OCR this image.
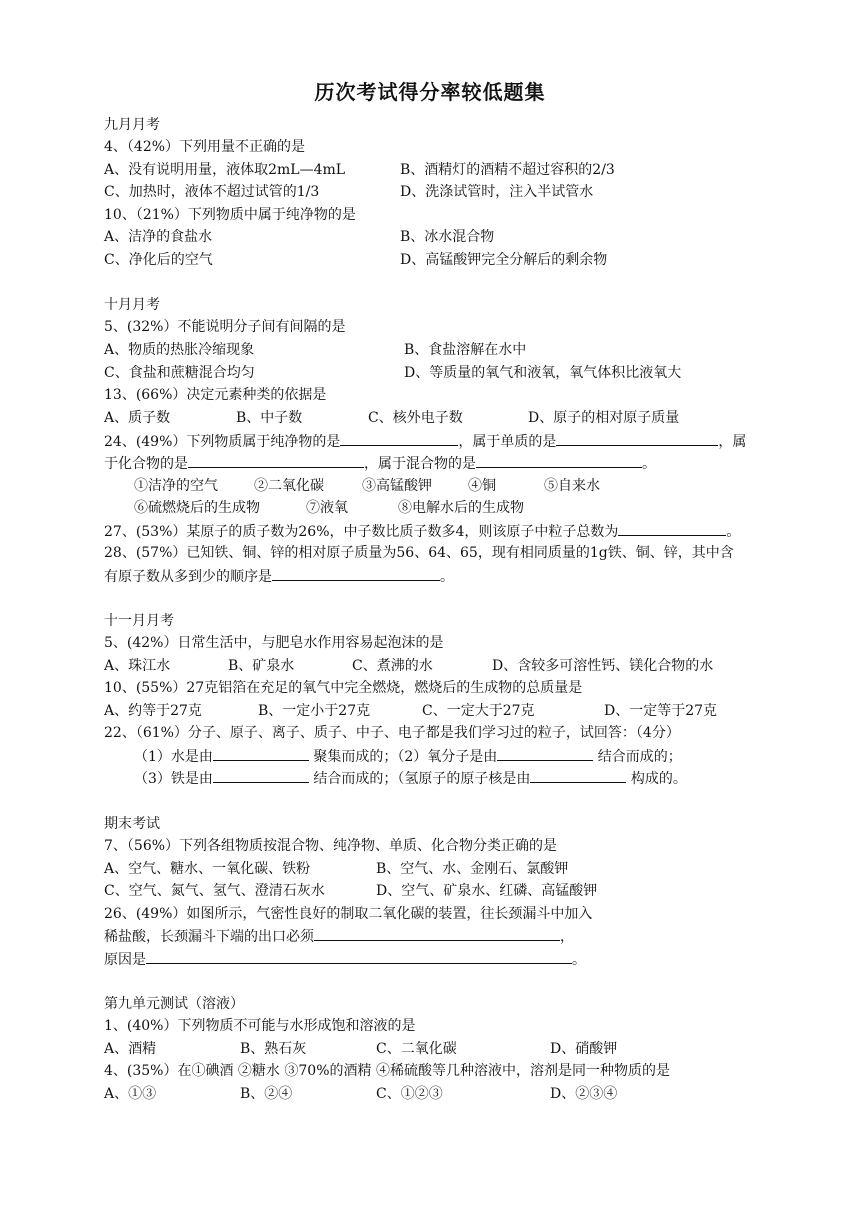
历次考试得分率较低题集
九月月考
4、（42%）下列用量不正确的是
A、没有说明用量，液体取2mL—4mL	B、酒精灯的酒精不超过容积的2/3
C、加热时，液体不超过试管的1/3	D、洗涤试管时，注入半试管水
10、（21%）下列物质中属于纯净物的是
A、洁净的食盐水	B、冰水混合物
C、净化后的空气	D、高锰酸钾完全分解后的剩余物
十月月考
5、(32%）不能说明分子间有间隔的是
A、物质的热胀冷缩现象	B、食盐溶解在水中
C、食盐和蔗糖混合均匀	D、等质量的氧气和液氧，氧气体积比液氧大
13、(66%）决定元素种类的依据是
A、质子数	B、中子数	C、核外电子数	D、原子的相对原子质量
24、(49%）下列物质属于纯净物的是	，属于单质的是	，属
于化合物的是	，属于混合物的是	。
①洁净的空气	②二氧化碳	③高锰酸钾	④铜	⑤自来水
⑥硫燃烧后的生成物	⑦液氧	⑧电解水后的生成物
27、(53%）某原子的质子数为26%，中子数比质子数多4，则该原子中粒子总数为	。
28、(57%）已知铁、铜、锌的相对原子质量为56、64、65，现有相同质量的1g铁、铜、锌，其中含
有原子数从多到少的顺序是	。
十一月月考
5、(42%）日常生活中，与肥皂水作用容易起泡沫的是
A、珠江水	B、矿泉水	C、煮沸的水	D、含较多可溶性钙、镁化合物的水
10、(55%）27克铝箔在充足的氧气中完全燃烧，燃烧后的生成物的总质量是
A、约等于27克	B、一定小于27克	C、一定大于27克	D、一定等于27克
22、（61%）分子、原子、离子、质子、中子、电子都是我们学习过的粒子，试回答：（4分）
（1）水是由	聚集而成的；（2）氧分子是由	结合而成的；
（3）铁是由	结合而成的；（氢原子的原子核是由	构成的。
期末考试
7、（56%）下列各组物质按混合物、纯净物、单质、化合物分类正确的是
A、空气、糖水、一氧化碳、铁粉	B、空气、水、金刚石、氯酸钾
C、空气、氮气、氢气、澄清石灰水	D、空气、矿泉水、红磷、高锰酸钾
26、(49%）如图所示，气密性良好的制取二氧化碳的装置，往长颈漏斗中加入
稀盐酸，长颈漏斗下端的出口必须	，
原因是	。
第九单元测试（溶液）
1、(40%）下列物质不可能与水形成饱和溶液的是
A、酒精	B、熟石灰	C、二氧化碳	D、硝酸钾
4、(35%）在①碘酒 ②糖水 ③70%的酒精 ④稀硫酸等几种溶液中，溶剂是同一种物质的是
A、①③	B、②④	C、①②③	D、②③④
